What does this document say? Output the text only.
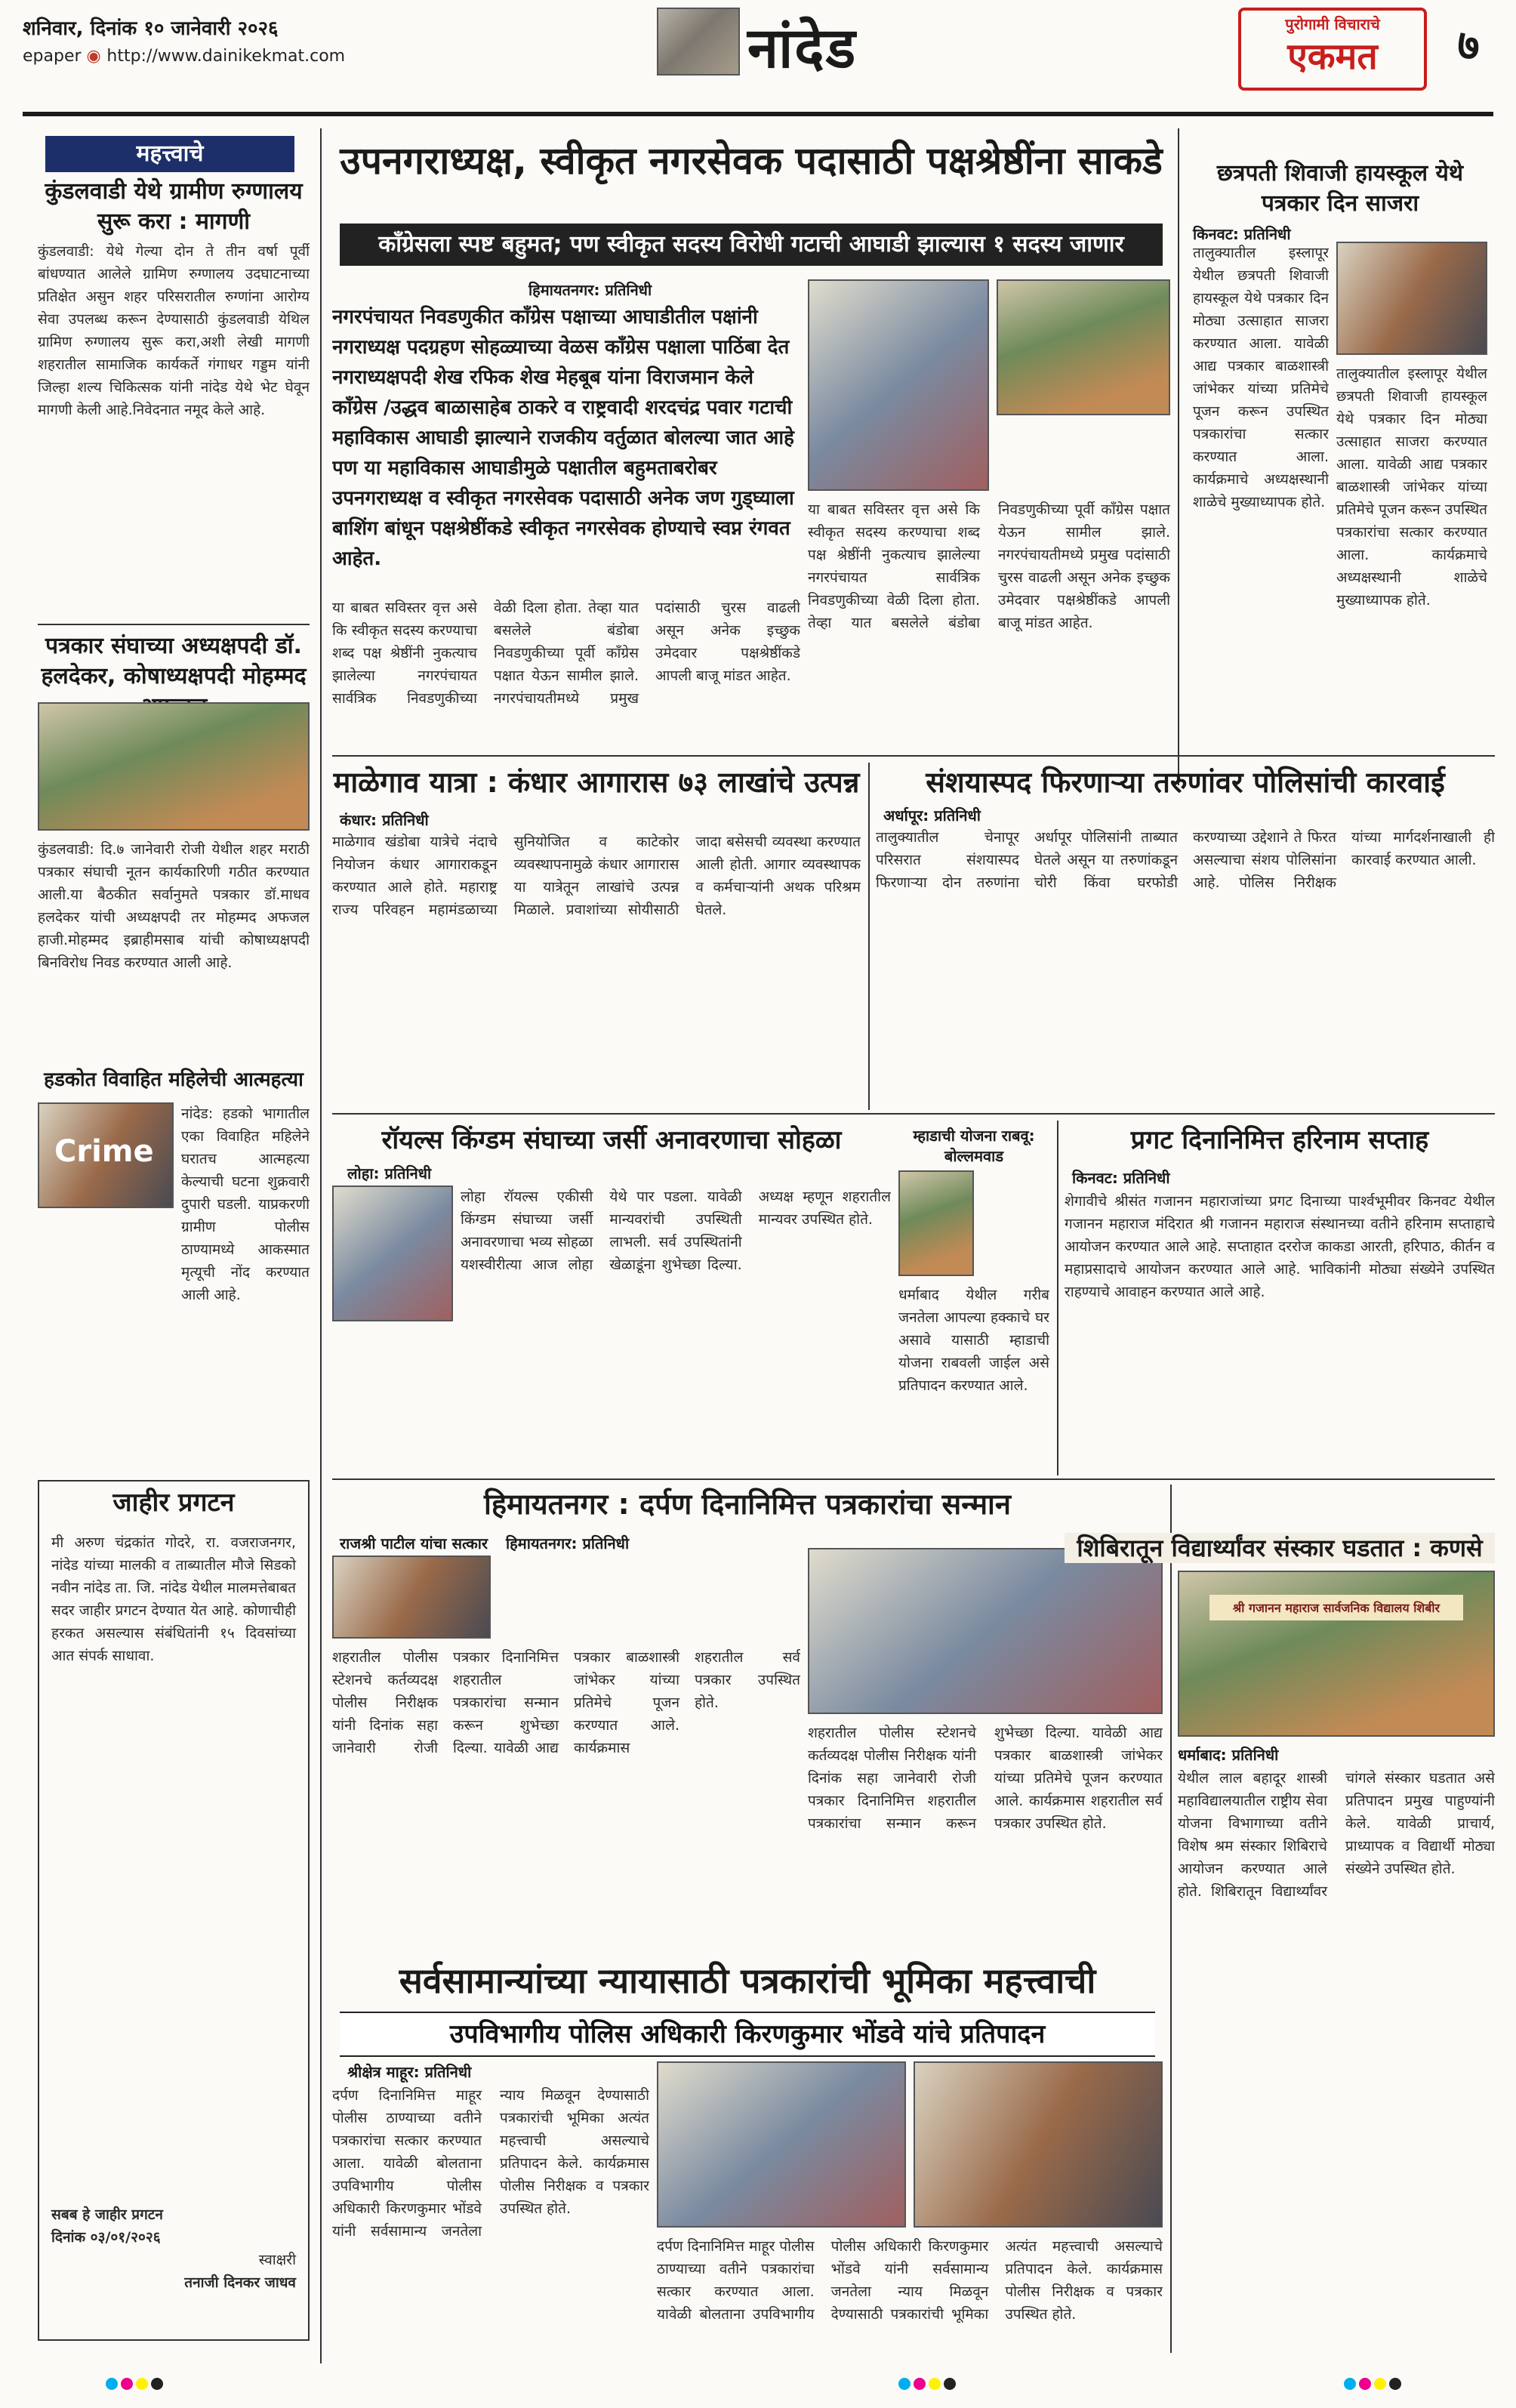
शनिवार, दिनांक १० जानेवारी २०२६
epaper ◉ http://www.dainikekmat.com	नांदेड	पुरोगामी विचाराचे
एकमत	७
महत्त्वाचे
कुंडलवाडी येथे ग्रामीण रुग्णालय सुरू करा : मागणी
कुंडलवाडी: येथे गेल्या दोन ते तीन वर्षा पूर्वी बांधण्यात आलेले ग्रामिण रुग्णालय उदघाटनाच्या प्रतिक्षेत असुन शहर परिसरातील रुग्णांना आरोग्य सेवा उपलब्ध करून देण्यासाठी कुंडलवाडी येथिल ग्रामिण रुग्णालय सुरू करा,अशी लेखी मागणी शहरातील सामाजिक कार्यकर्ते गंगाधर गड्डम यांनी जिल्हा शल्य चिकित्सक यांनी नांदेड येथे भेट घेवून मागणी केली आहे.निवेदनात नमूद केले आहे.
पत्रकार संघाच्या अध्यक्षपदी डॉ. हलदेकर, कोषाध्यक्षपदी मोहम्मद
कुंडलवाडी: दि.७ जानेवारी रोजी येथील शहर मराठी पत्रकार संघाची नूतन कार्यकारिणी गठीत करण्यात आली.या बैठकीत सर्वानुमते पत्रकार डॉ.माधव हलदेकर यांची अध्यक्षपदी तर मोहम्मद अफजल हाजी.मोहम्मद इब्राहीमसाब यांची कोषाध्यक्षपदी बिनविरोध निवड करण्यात आली आहे.
हडकोत विवाहित महिलेची आत्महत्या
Crime
नांदेड: हडको भागातील एका विवाहित महिलेने घरातच आत्महत्या केल्याची घटना शुक्रवारी दुपारी घडली. याप्रकरणी ग्रामीण पोलीस ठाण्यामध्ये आकस्मात मृत्यूची नोंद करण्यात आली आहे.
जाहीर प्रगटन
मी अरुण चंद्रकांत गोदरे, रा. वजराजनगर, नांदेड यांच्या मालकी व ताब्यातील मौजे सिडको नवीन नांदेड ता. जि. नांदेड येथील मालमत्तेबाबत सदर जाहीर प्रगटन देण्यात येत आहे. कोणाचीही हरकत असल्यास संबंधितांनी १५ दिवसांच्या आत संपर्क साधावा.
सबब हे जाहीर प्रगटन
दिनांक ०३/०१/२०२६
स्वाक्षरी
तनाजी दिनकर जाधव
उपनगराध्यक्ष, स्वीकृत नगरसेवक पदासाठी पक्षश्रेष्ठींना साकडे
काँग्रेसला स्पष्ट बहुमत; पण स्वीकृत सदस्य विरोधी गटाची आघाडी झाल्यास १ सदस्य जाणार
हिमायतनगर: प्रतिनिधी
नगरपंचायत निवडणुकीत काँग्रेस पक्षाच्या आघाडीतील पक्षांनी नगराध्यक्ष पदग्रहण सोहळ्याच्या वेळस काँग्रेस पक्षाला पाठिंबा देत नगराध्यक्षपदी शेख रफिक शेख मेहबूब यांना विराजमान केले काँग्रेस /उद्धव बाळासाहेब ठाकरे व राष्ट्रवादी शरदचंद्र पवार गटाची महाविकास आघाडी झाल्याने राजकीय वर्तुळात बोलल्या जात आहे पण या महाविकास आघाडीमुळे पक्षातील बहुमताबरोबर उपनगराध्यक्ष व स्वीकृत नगरसेवक पदासाठी अनेक जण गुड्घ्याला बाशिंग बांधून पक्षश्रेष्ठींकडे स्वीकृत नगरसेवक होण्याचे स्वप्न रंगवत आहेत.
या बाबत सविस्तर वृत्त असे कि स्वीकृत सदस्य करण्याचा शब्द पक्ष श्रेष्ठींनी नुकत्याच झालेल्या नगरपंचायत सार्वत्रिक निवडणुकीच्या वेळी दिला होता. तेव्हा यात बसलेले बंडोबा निवडणुकीच्या पूर्वी काँग्रेस पक्षात येऊन सामील झाले. नगरपंचायतीमध्ये प्रमुख पदांसाठी चुरस वाढली असून अनेक इच्छुक उमेदवार पक्षश्रेष्ठींकडे आपली बाजू मांडत आहेत.
या बाबत सविस्तर वृत्त असे कि स्वीकृत सदस्य करण्याचा शब्द पक्ष श्रेष्ठींनी नुकत्याच झालेल्या नगरपंचायत सार्वत्रिक निवडणुकीच्या वेळी दिला होता. तेव्हा यात बसलेले बंडोबा निवडणुकीच्या पूर्वी काँग्रेस पक्षात येऊन सामील झाले. नगरपंचायतीमध्ये प्रमुख पदांसाठी चुरस वाढली असून अनेक इच्छुक उमेदवार पक्षश्रेष्ठींकडे आपली बाजू मांडत आहेत.
छत्रपती शिवाजी हायस्कूल येथे पत्रकार दिन साजरा
किनवट: प्रतिनिधी
तालुक्यातील इस्लापूर येथील छत्रपती शिवाजी हायस्कूल येथे पत्रकार दिन मोठ्या उत्साहात साजरा करण्यात आला. यावेळी आद्य पत्रकार बाळशास्त्री जांभेकर यांच्या प्रतिमेचे पूजन करून उपस्थित पत्रकारांचा सत्कार करण्यात आला. कार्यक्रमाचे अध्यक्षस्थानी शाळेचे मुख्याध्यापक होते.
तालुक्यातील इस्लापूर येथील छत्रपती शिवाजी हायस्कूल येथे पत्रकार दिन मोठ्या उत्साहात साजरा करण्यात आला. यावेळी आद्य पत्रकार बाळशास्त्री जांभेकर यांच्या प्रतिमेचे पूजन करून उपस्थित पत्रकारांचा सत्कार करण्यात आला. कार्यक्रमाचे अध्यक्षस्थानी शाळेचे मुख्याध्यापक होते.
माळेगाव यात्रा : कंधार आगारास ७३ लाखांचे उत्पन्न
कंधार: प्रतिनिधी
माळेगाव खंडोबा यात्रेचे नंदाचे नियोजन कंधार आगाराकडून करण्यात आले होते. महाराष्ट्र राज्य परिवहन महामंडळाच्या सुनियोजित व काटेकोर व्यवस्थापनामुळे कंधार आगारास या यात्रेतून लाखांचे उत्पन्न मिळाले. प्रवाशांच्या सोयीसाठी जादा बसेसची व्यवस्था करण्यात आली होती. आगार व्यवस्थापक व कर्मचाऱ्यांनी अथक परिश्रम घेतले.
संशयास्पद फिरणाऱ्या तरुणांवर पोलिसांची कारवाई
अर्धापूर: प्रतिनिधी
तालुक्यातील चेनापूर परिसरात संशयास्पद फिरणाऱ्या दोन तरुणांना अर्धापूर पोलिसांनी ताब्यात घेतले असून या तरुणांकडून चोरी किंवा घरफोडी करण्याच्या उद्देशाने ते फिरत असल्याचा संशय पोलिसांना आहे. पोलिस निरीक्षक यांच्या मार्गदर्शनाखाली ही कारवाई करण्यात आली.
रॉयल्स किंग्डम संघाच्या जर्सी अनावरणाचा सोहळा
लोहा: प्रतिनिधी
लोहा रॉयल्स एकीसी किंग्डम संघाच्या जर्सी अनावरणाचा भव्य सोहळा यशस्वीरीत्या आज लोहा येथे पार पडला. यावेळी मान्यवरांची उपस्थिती लाभली. सर्व उपस्थितांनी खेळाडूंना शुभेच्छा दिल्या. अध्यक्ष म्हणून शहरातील मान्यवर उपस्थित होते.
म्हाडाची योजना राबवू: बोल्लमवाड
धर्माबाद येथील गरीब जनतेला आपल्या हक्काचे घर असावे यासाठी म्हाडाची योजना राबवली जाईल असे प्रतिपादन करण्यात आले.
प्रगट दिनानिमित्त हरिनाम सप्ताह
किनवट: प्रतिनिधी
शेगावीचे श्रीसंत गजानन महाराजांच्या प्रगट दिनाच्या पार्श्वभूमीवर किनवट येथील गजानन महाराज मंदिरात श्री गजानन महाराज संस्थानच्या वतीने हरिनाम सप्ताहाचे आयोजन करण्यात आले आहे. सप्ताहात दररोज काकडा आरती, हरिपाठ, कीर्तन व महाप्रसादाचे आयोजन करण्यात आले आहे. भाविकांनी मोठ्या संख्येने उपस्थित राहण्याचे आवाहन करण्यात आले आहे.
हिमायतनगर : दर्पण दिनानिमित्त पत्रकारांचा सन्मान
राजश्री पाटील यांचा सत्कार हिमायतनगर: प्रतिनिधी
शहरातील पोलीस स्टेशनचे कर्तव्यदक्ष पोलीस निरीक्षक यांनी दिनांक सहा जानेवारी रोजी पत्रकार दिनानिमित्त शहरातील पत्रकारांचा सन्मान करून शुभेच्छा दिल्या. यावेळी आद्य पत्रकार बाळशास्त्री जांभेकर यांच्या प्रतिमेचे पूजन करण्यात आले. कार्यक्रमास शहरातील सर्व पत्रकार उपस्थित होते.
शहरातील पोलीस स्टेशनचे कर्तव्यदक्ष पोलीस निरीक्षक यांनी दिनांक सहा जानेवारी रोजी पत्रकार दिनानिमित्त शहरातील पत्रकारांचा सन्मान करून शुभेच्छा दिल्या. यावेळी आद्य पत्रकार बाळशास्त्री जांभेकर यांच्या प्रतिमेचे पूजन करण्यात आले. कार्यक्रमास शहरातील सर्व पत्रकार उपस्थित होते.
शिबिरातून विद्यार्थ्यांवर संस्कार घडतात : कणसे
श्री गजानन महाराज सार्वजनिक विद्यालय शिबीर
धर्माबाद: प्रतिनिधी
येथील लाल बहादूर शास्त्री महाविद्यालयातील राष्ट्रीय सेवा योजना विभागाच्या वतीने विशेष श्रम संस्कार शिबिराचे आयोजन करण्यात आले होते. शिबिरातून विद्यार्थ्यांवर चांगले संस्कार घडतात असे प्रतिपादन प्रमुख पाहुण्यांनी केले. यावेळी प्राचार्य, प्राध्यापक व विद्यार्थी मोठ्या संख्येने उपस्थित होते.
सर्वसामान्यांच्या न्यायासाठी पत्रकारांची भूमिका महत्त्वाची
उपविभागीय पोलिस अधिकारी किरणकुमार भोंडवे यांचे प्रतिपादन
श्रीक्षेत्र माहूर: प्रतिनिधी
दर्पण दिनानिमित्त माहूर पोलीस ठाण्याच्या वतीने पत्रकारांचा सत्कार करण्यात आला. यावेळी बोलताना उपविभागीय पोलीस अधिकारी किरणकुमार भोंडवे यांनी सर्वसामान्य जनतेला न्याय मिळवून देण्यासाठी पत्रकारांची भूमिका अत्यंत महत्त्वाची असल्याचे प्रतिपादन केले. कार्यक्रमास पोलीस निरीक्षक व पत्रकार उपस्थित होते.
दर्पण दिनानिमित्त माहूर पोलीस ठाण्याच्या वतीने पत्रकारांचा सत्कार करण्यात आला. यावेळी बोलताना उपविभागीय पोलीस अधिकारी किरणकुमार भोंडवे यांनी सर्वसामान्य जनतेला न्याय मिळवून देण्यासाठी पत्रकारांची भूमिका अत्यंत महत्त्वाची असल्याचे प्रतिपादन केले. कार्यक्रमास पोलीस निरीक्षक व पत्रकार उपस्थित होते.
